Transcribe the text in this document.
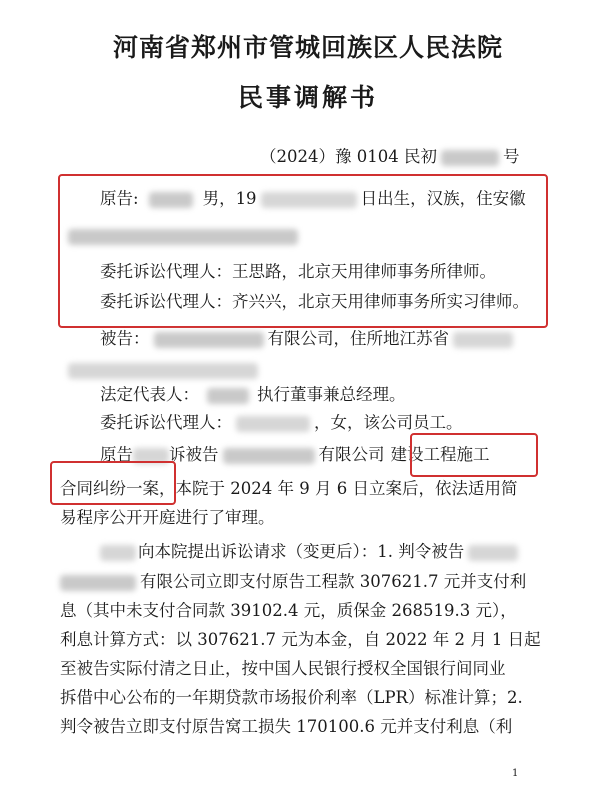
河南省郑州市管城回族区人民法院
民事调解书
（2024）豫 0104 民初	号
原告:	男，19	日出生，汉族，住安徽
委托诉讼代理人：王思路，北京天用律师事务所律师。
委托诉讼代理人：齐兴兴，北京天用律师事务所实习律师。
被告：	有限公司，住所地江苏省
法定代表人：	执行董事兼总经理。
委托诉讼代理人：	，女，该公司员工。
原告 诉被告	有限公司 建设工程施工
合同纠纷一案，本院于 2024 年 9 月 6 日立案后，依法适用简
易程序公开开庭进行了审理。
向本院提出诉讼请求（变更后）：1. 判令被告
有限公司立即支付原告工程款 307621.7 元并支付利
息（其中未支付合同款 39102.4 元，质保金 268519.3 元），
利息计算方式：以 307621.7 元为本金，自 2022 年 2 月 1 日起
至被告实际付清之日止，按中国人民银行授权全国银行间同业
拆借中心公布的一年期贷款市场报价利率（LPR）标准计算；2.
判令被告立即支付原告窝工损失 170100.6 元并支付利息（利
1
